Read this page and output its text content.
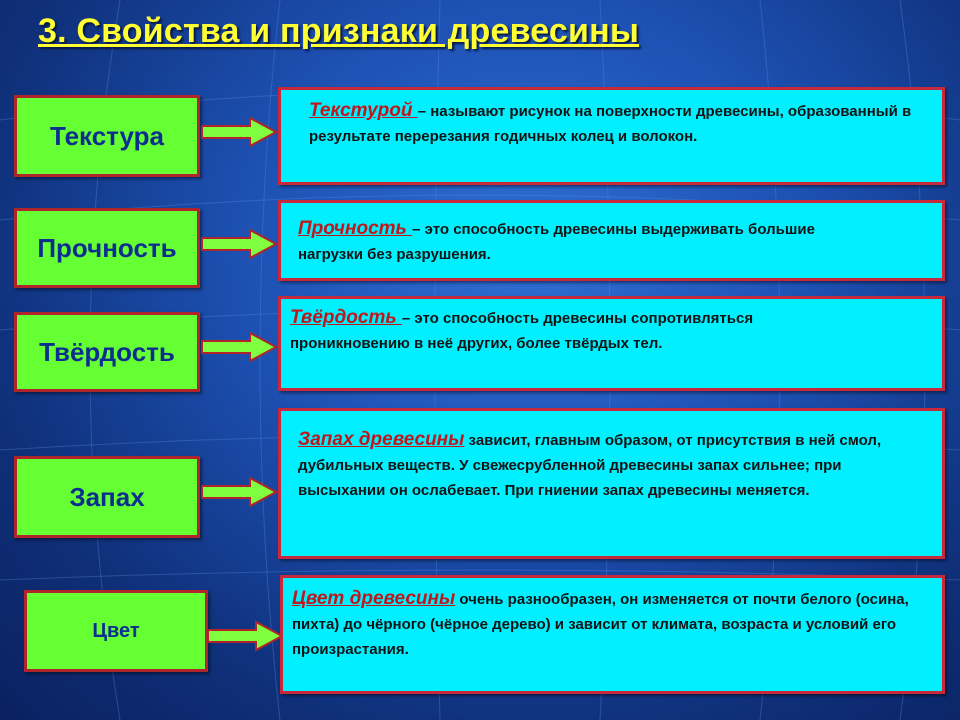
3. Свойства и признаки древесины
Текстура
Текстурой – называют рисунок на поверхности древесины, образованный в результате перерезания годичных колец и волокон.
Прочность
Прочность – это способность древесины выдерживать большие нагрузки без разрушения.
Твёрдость
Твёрдость – это способность древесины сопротивляться проникновению в неё других, более твёрдых тел.
Запах
Запах древесины зависит, главным образом, от присутствия в ней смол, дубильных веществ. У свежесрубленной древесины запах сильнее; при высыхании он ослабевает. При гниении запах древесины меняется.
Цвет
Цвет древесины очень разнообразен, он изменяется от почти белого (осина, пихта) до чёрного (чёрное дерево) и зависит от климата, возраста и условий его произрастания.
